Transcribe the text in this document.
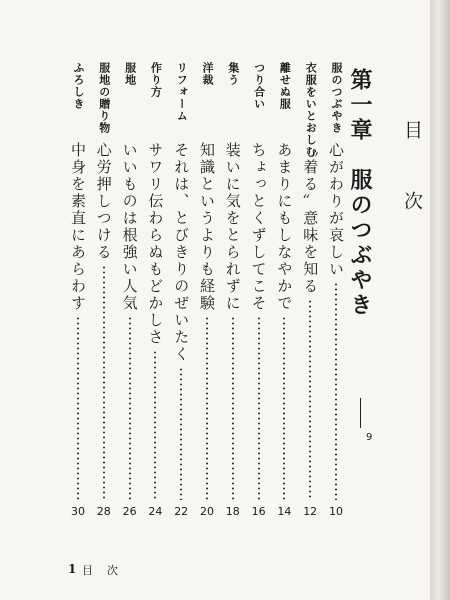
目次
第一章　服のつぶやき
9
服のつぶやき
心がわりが哀しい
10
衣服をいとおしむ
〝着る〟意味を知る
12
離せぬ服
あまりにもしなやかで
14
つり合い
ちょっとくずしてこそ
16
集う
装いに気をとられずに
18
洋裁
知識というよりも経験
20
リフォーム
それは、とびきりのぜいたく
22
作り方
サワリ伝わらぬもどかしさ
24
服地
いいものは根強い人気
26
服地の贈り物
心労押しつける
28
ふろしき
中身を素直にあらわす
30
1 目次
